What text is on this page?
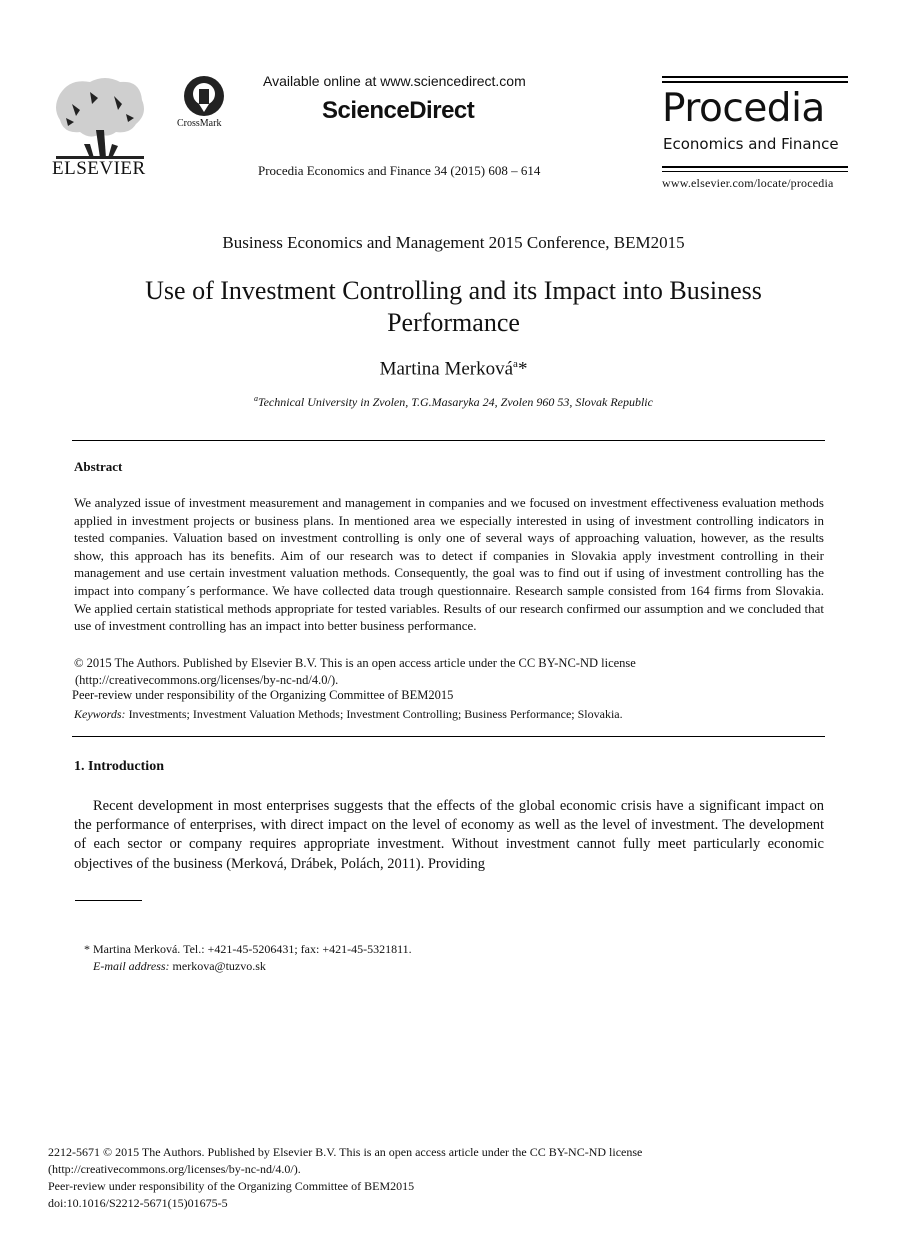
ELSEVIER
CrossMark
Available online at www.sciencedirect.com
ScienceDirect
Procedia Economics and Finance 34 (2015) 608 – 614
Procedia
Economics and Finance
www.elsevier.com/locate/procedia
Business Economics and Management 2015 Conference, BEM2015
Use of Investment Controlling and its Impact into Business
Performance
Martina Merková$^a$*
$^a$Technical University in Zvolen, T.G.Masaryka 24, Zvolen 960 53, Slovak Republic
Abstract
We analyzed issue of investment measurement and management in companies and we focused on investment effectiveness evaluation methods applied in investment projects or business plans. In mentioned area we especially interested in using of investment controlling indicators in tested companies. Valuation based on investment controlling is only one of several ways of approaching valuation, however, as the results show, this approach has its benefits. Aim of our research was to detect if companies in Slovakia apply investment controlling in their management and use certain investment valuation methods. Consequently, the goal was to find out if using of investment controlling has the impact into company´s performance. We have collected data trough questionnaire. Research sample consisted from 164 firms from Slovakia. We applied certain statistical methods appropriate for tested variables. Results of our research confirmed our assumption and we concluded that use of investment controlling has an impact into better business performance.
© 2015 The Authors. Published by Elsevier B.V. This is an open access article under the CC BY-NC-ND license
(http://creativecommons.org/licenses/by-nc-nd/4.0/).
Peer-review under responsibility of the Organizing Committee of BEM2015
Keywords: Investments; Investment Valuation Methods; Investment Controlling; Business Performance; Slovakia.
1. Introduction
Recent development in most enterprises suggests that the effects of the global economic crisis have a significant impact on the performance of enterprises, with direct impact on the level of economy as well as the level of investment. The development of each sector or company requires appropriate investment. Without investment cannot fully meet particularly economic objectives of the business (Merková, Drábek, Polách, 2011). Providing
* Martina Merková. Tel.: +421-45-5206431; fax: +421-45-5321811.
E-mail address: merkova@tuzvo.sk
2212-5671 © 2015 The Authors. Published by Elsevier B.V. This is an open access article under the CC BY-NC-ND license
(http://creativecommons.org/licenses/by-nc-nd/4.0/).
Peer-review under responsibility of the Organizing Committee of BEM2015
doi:10.1016/S2212-5671(15)01675-5
